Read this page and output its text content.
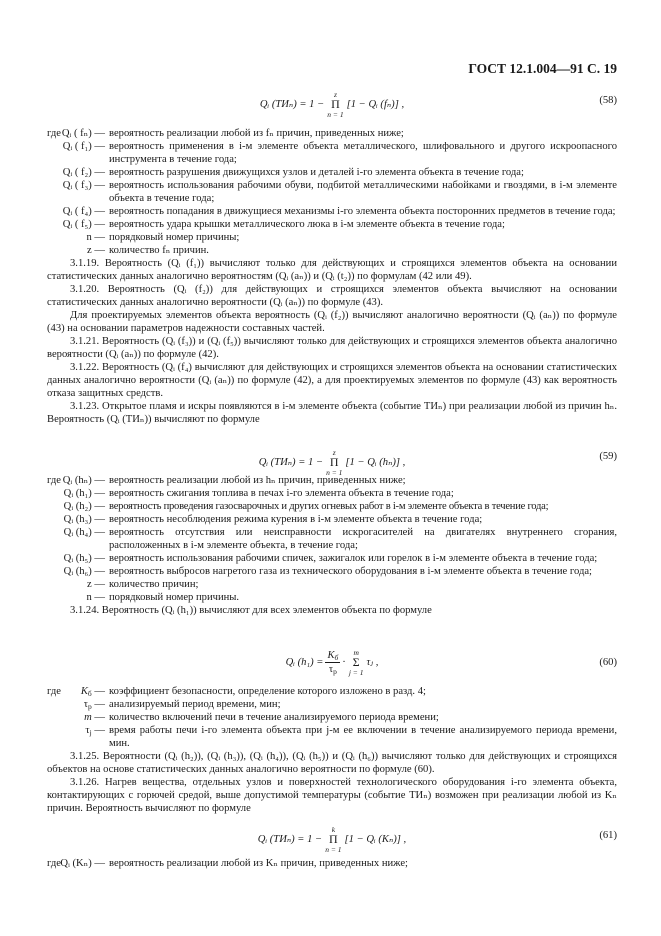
ГОСТ 12.1.004—91 С. 19
Qᵢ (ТИₙ) = 1 −
z
Π
n = 1
[1 − Qᵢ (fₙ)] ,	(58)
где Qᵢ ( fₙ) — вероятность реализации любой из fₙ причин, приведенных ниже;
Qᵢ ( f₁) — вероятность применения в i-м элементе объекта металлического, шлифовального и другого искроопасного инструмента в течение года;
Qᵢ ( f₂) — вероятность разрушения движущихся узлов и деталей i-го элемента объекта в течение года;
Qᵢ ( f₃) — вероятность использования рабочими обуви, подбитой металлическими набойками и гвоздями, в i-м элементе объекта в течение года;
Qᵢ ( f₄) — вероятность попадания в движущиеся механизмы i-го элемента объекта посторонних предметов в течение года;
Qᵢ ( f₅) — вероятность удара крышки металлического люка в i-м элементе объекта в течение года;
n — порядковый номер причины;
z — количество fₙ причин.

3.1.19. Вероятность (Qᵢ (f₁)) вычисляют только для действующих и строящихся элементов объекта на основании статистических данных аналогично вероятностям (Qᵢ (aₙ)) и (Qᵢ (t₂)) по формулам (42 или 49).

3.1.20. Вероятность (Qᵢ (f₂)) для действующих и строящихся элементов объекта вычисляют на основании статистических данных аналогично вероятности (Qᵢ (aₙ)) по формуле (43).

Для проектируемых элементов объекта вероятность (Qᵢ (f₂)) вычисляют аналогично вероятности (Qᵢ (aₙ)) по формуле (43) на основании параметров надежности составных частей.

3.1.21. Вероятность (Qᵢ (f₃)) и (Qᵢ (f₅)) вычисляют только для действующих и строящихся элементов объекта аналогично вероятности (Qᵢ (aₙ)) по формуле (42).

3.1.22. Вероятность (Qᵢ (f₄) вычисляют для действующих и строящихся элементов объекта на основании статистических данных аналогично вероятности (Qᵢ (aₙ)) по формуле (42), а для проектируемых элементов по формуле (43) как вероятность отказа защитных средств.

3.1.23. Открытое пламя и искры появляются в i-м элементе объекта (событие ТИₙ) при реализации любой из причин hₙ. Вероятность (Qᵢ (ТИₙ)) вычисляют по формуле

Qᵢ (ТИₙ) = 1 −
z
Π
n = 1
[1 − Qᵢ (hₙ)] ,
(59)
где Qᵢ (hₙ) — вероятность реализации любой из hₙ причин, приведенных ниже;
Qᵢ (h₁) — вероятность сжигания топлива в печах i-го элемента объекта в течение года;
Qᵢ (h₂) — вероятность проведения газосварочных и других огневых работ в i-м элементе объекта в течение года;
Qᵢ (h₃) — вероятность несоблюдения режима курения в i-м элементе объекта в течение года;
Qᵢ (h₄) — вероятность отсутствия или неисправности искрогасителей на двигателях внутреннего сгорания, расположенных в i-м элементе объекта, в течение года;
Qᵢ (h₅) — вероятность использования рабочими спичек, зажигалок или горелок в i-м элементе объекта в течение года;
Qᵢ (h₆) — вероятность выбросов нагретого газа из технического оборудования в i-м элементе объекта в течение года;
z — количество причин;
n — порядковый номер причины.

3.1.24. Вероятность (Qᵢ (h₁)) вычисляют для всех элементов объекта по формуле

Qᵢ $(h_1) = \frac{K_б}{\tau_р}$ ·
m
Σ
j = 1
τⱼ ,	(60)
где	$K_б$ — коэффициент безопасности, определение которого изложено в разд. 4;
$\tau_р$ — анализируемый период времени, мин;
m — количество включений печи в течение анализируемого периода времени;
$\tau_j$ — время работы печи i-го элемента объекта при j-м ее включении в течение анализируемого периода времени, мин.

3.1.25. Вероятности (Qᵢ (h₂)), (Qᵢ (h₃)), (Qᵢ (h₄)), (Qᵢ (h₅)) и (Qᵢ (h₆)) вычисляют только для действующих и строящихся объектов на основе статистических данных аналогично вероятности по формуле (60).

3.1.26. Нагрев вещества, отдельных узлов и поверхностей технологического оборудования i-го элемента объекта, контактирующих с горючей средой, выше допустимой температуры (событие ТИₙ) возможен при реализации любой из Kₙ причин. Вероятность вычисляют по формуле

Qᵢ (ТИₙ) = 1 −
k
Π
n = 1
[1 − Qᵢ (Kₙ)] ,	(61)
где Qᵢ (Kₙ) — вероятность реализации любой из Kₙ причин, приведенных ниже;
